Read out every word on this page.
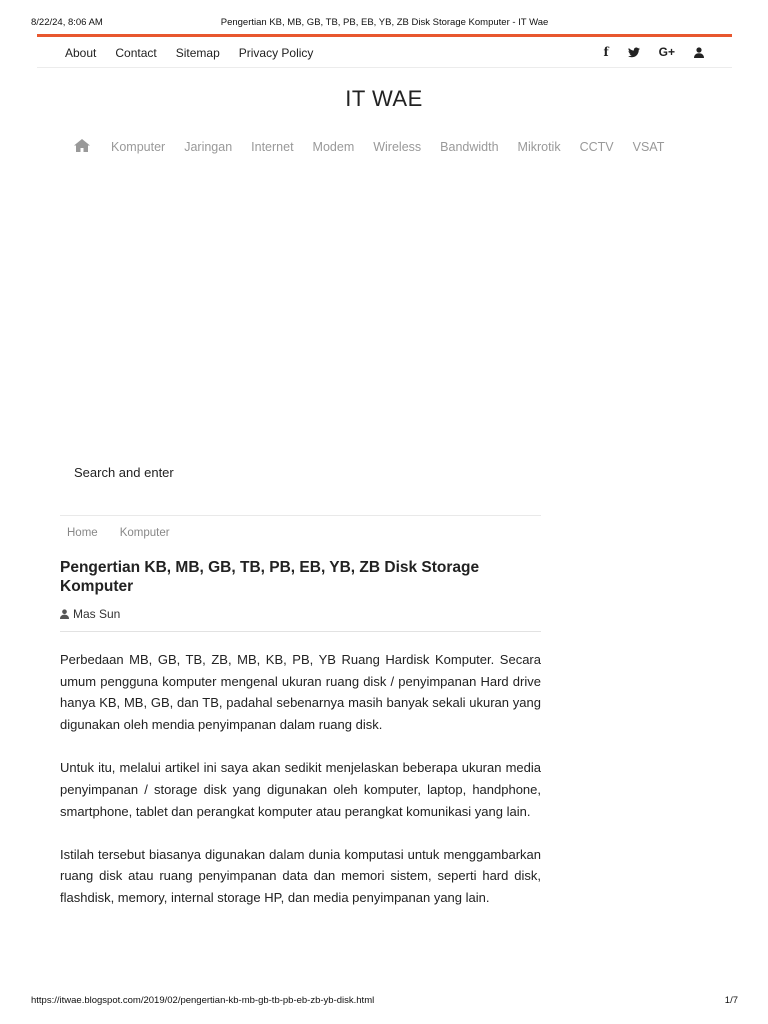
8/22/24, 8:06 AM	Pengertian KB, MB, GB, TB, PB, EB, YB, ZB Disk Storage Komputer - IT Wae
About Contact Sitemap Privacy Policy	f	G+
IT WAE
Komputer Jaringan Internet Modem Wireless Bandwidth Mikrotik CCTV VSAT
Search and enter
Home Komputer
Pengertian KB, MB, GB, TB, PB, EB, YB, ZB Disk Storage Komputer
Mas Sun

Perbedaan MB, GB, TB, ZB, MB, KB, PB, YB Ruang Hardisk Komputer. Secara umum pengguna komputer mengenal ukuran ruang disk / penyimpanan Hard drive hanya KB, MB, GB, dan TB, padahal sebenarnya masih banyak sekali ukuran yang digunakan oleh mendia penyimpanan dalam ruang disk.

Untuk itu, melalui artikel ini saya akan sedikit menjelaskan beberapa ukuran media penyimpanan / storage disk yang digunakan oleh komputer, laptop, handphone, smartphone, tablet dan perangkat komputer atau perangkat komunikasi yang lain.

Istilah tersebut biasanya digunakan dalam dunia komputasi untuk menggambarkan ruang disk atau ruang penyimpanan data dan memori sistem, seperti hard disk, flashdisk, memory, internal storage HP, dan media penyimpanan yang lain.

https://itwae.blogspot.com/2019/02/pengertian-kb-mb-gb-tb-pb-eb-zb-yb-disk.html	1/7
